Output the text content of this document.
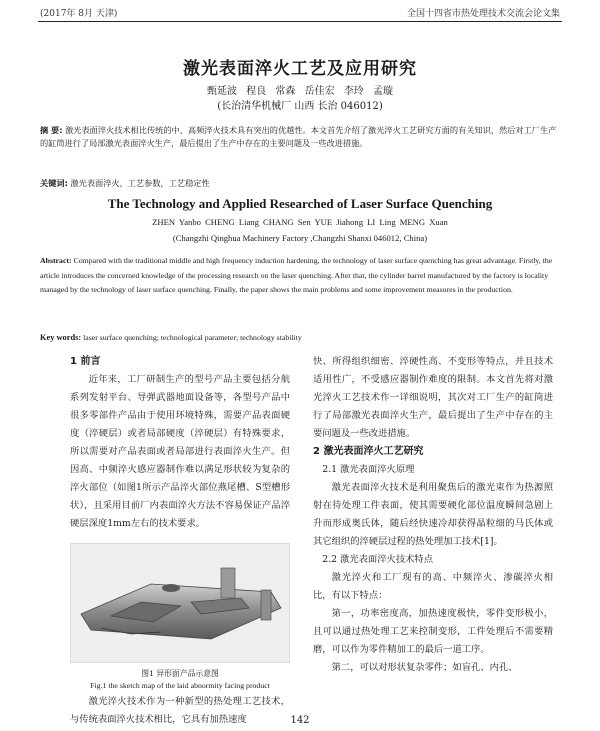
(2017年 8月 天津)	全国十四省市热处理技术交流会论文集
激光表面淬火工艺及应用研究
甄延波 程良 常森 岳佳宏 李玲 孟璇
(长治清华机械厂 山西 长治 046012)
摘 要: 激光表面淬火技术相比传统的中、高频淬火技术具有突出的优越性。本文首先介绍了激光淬火工艺研究方面的有关知识，然后对工厂生产的缸筒进行了局部激光表面淬火生产，最后提出了生产中存在的主要问题及一些改进措施。
关键词: 激光表面淬火，工艺参数，工艺稳定性
The Technology and Applied Researched of Laser Surface Quenching
ZHEN Yanbo CHENG Liang CHANG Sen YUE Jiahong LI Ling MENG Xuan
(Changzhi Qinghua Machinery Factory ,Changzhi Shanxi 046012, China)
Abstract: Compared with the traditional middle and high frequency induction hardening, the technology of laser surface quenching has great advantage. Firstly, the article introduces the concerned knowledge of the processing research on the laser quenching. After that, the cylinder barrel manufactured by the factory is locality managed by the technology of laser surface quenching. Finally, the paper shows the main problems and some improvement measures in the production.
Key words: laser surface quenching; technological parameter; technology stability
1 前言

近年来，工厂研制生产的型号产品主要包括分航系列发射平台、导弹武器地面设备等，各型号产品中很多零部件产品由于使用环境特殊，需要产品表面硬度（淬硬层）或者局部硬度（淬硬层）有特殊要求，所以需要对产品表面或者局部进行表面淬火生产。但因高、中频淬火感应器制作难以满足形状较为复杂的淬火部位（如图1所示产品淬火部位燕尾槽、S型槽形状），且采用目前厂内表面淬火方法不容易保证产品淬硬层深度1mm左右的技术要求。

图1 异形面产品示意图
Fig.1 the sketch map of the laid abnormity facing product

激光淬火技术作为一种新型的热处理工艺技术，与传统表面淬火技术相比，它具有加热速度

快、所得组织细密、淬硬性高、不变形等特点，并且技术适用性广，不受感应器制作难度的限制。本文首先将对激光淬火工艺技术作一详细说明，其次对工厂生产的缸筒进行了局部激光表面淬火生产，最后提出了生产中存在的主要问题及一些改进措施。

2 激光表面淬火工艺研究
2.1 激光表面淬火原理

激光表面淬火技术是利用聚焦后的激光束作为热源照射在待处理工件表面，使其需要硬化部位温度瞬间急剧上升而形成奥氏体，随后经快速冷却获得晶粒细的马氏体或其它组织的淬硬层过程的热处理加工技术[1]。

2.2 激光表面淬火技术特点

激光淬火和工厂现有的高、中频淬火、渗碳淬火相比，有以下特点：

第一，功率密度高，加热速度极快，零件变形极小，且可以通过热处理工艺来控制变形，工件处理后不需要精磨，可以作为零件精加工的最后一道工序。

第二，可以对形状复杂零件；如盲孔、内孔、

142
